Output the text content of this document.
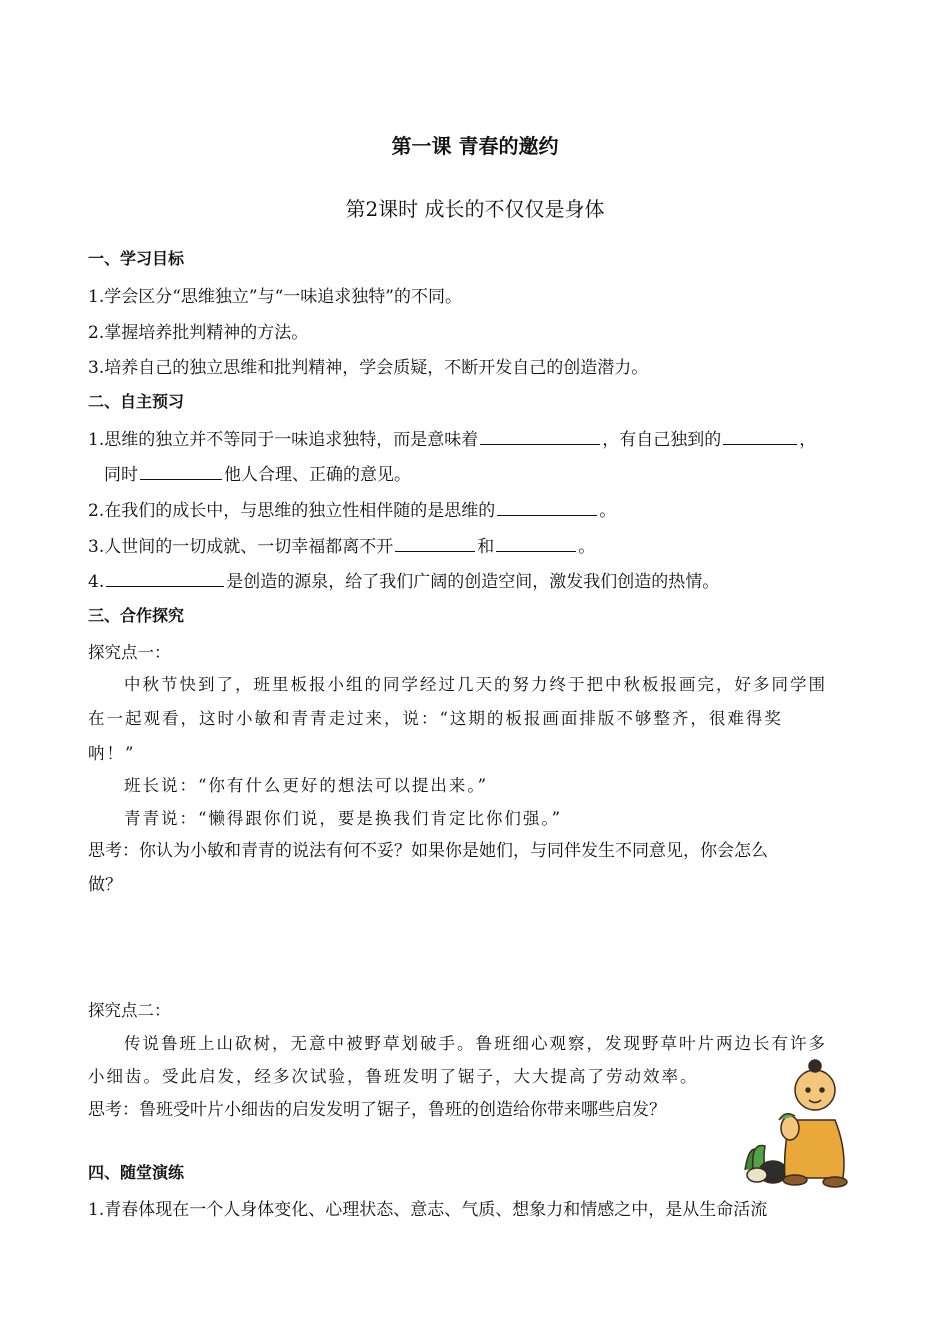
第一课 青春的邀约
第2课时 成长的不仅仅是身体
一、学习目标
1.学会区分“思维独立”与“一味追求独特”的不同。
2.掌握培养批判精神的方法。
3.培养自己的独立思维和批判精神，学会质疑，不断开发自己的创造潜力。
二、自主预习
1.思维的独立并不等同于一味追求独特，而是意味着	，有自己独到的	，
同时	他人合理、正确的意见。
2.在我们的成长中，与思维的独立性相伴随的是思维的	。
3.人世间的一切成就、一切幸福都离不开	和	。
4.	是创造的源泉，给了我们广阔的创造空间，激发我们创造的热情。
三、合作探究
探究点一：
中秋节快到了，班里板报小组的同学经过几天的努力终于把中秋板报画完，好多同学围
在一起观看，这时小敏和青青走过来，说：“这期的板报画面排版不够整齐，很难得奖
呐！”
班长说：“你有什么更好的想法可以提出来。”
青青说：“懒得跟你们说，要是换我们肯定比你们强。”
思考：你认为小敏和青青的说法有何不妥？如果你是她们，与同伴发生不同意见，你会怎么
做？
探究点二：
传说鲁班上山砍树，无意中被野草划破手。鲁班细心观察，发现野草叶片两边长有许多
小细齿。受此启发，经多次试验，鲁班发明了锯子，大大提高了劳动效率。
思考：鲁班受叶片小细齿的启发发明了锯子，鲁班的创造给你带来哪些启发？
四、随堂演练
1.青春体现在一个人身体变化、心理状态、意志、气质、想象力和情感之中，是从生命活流
